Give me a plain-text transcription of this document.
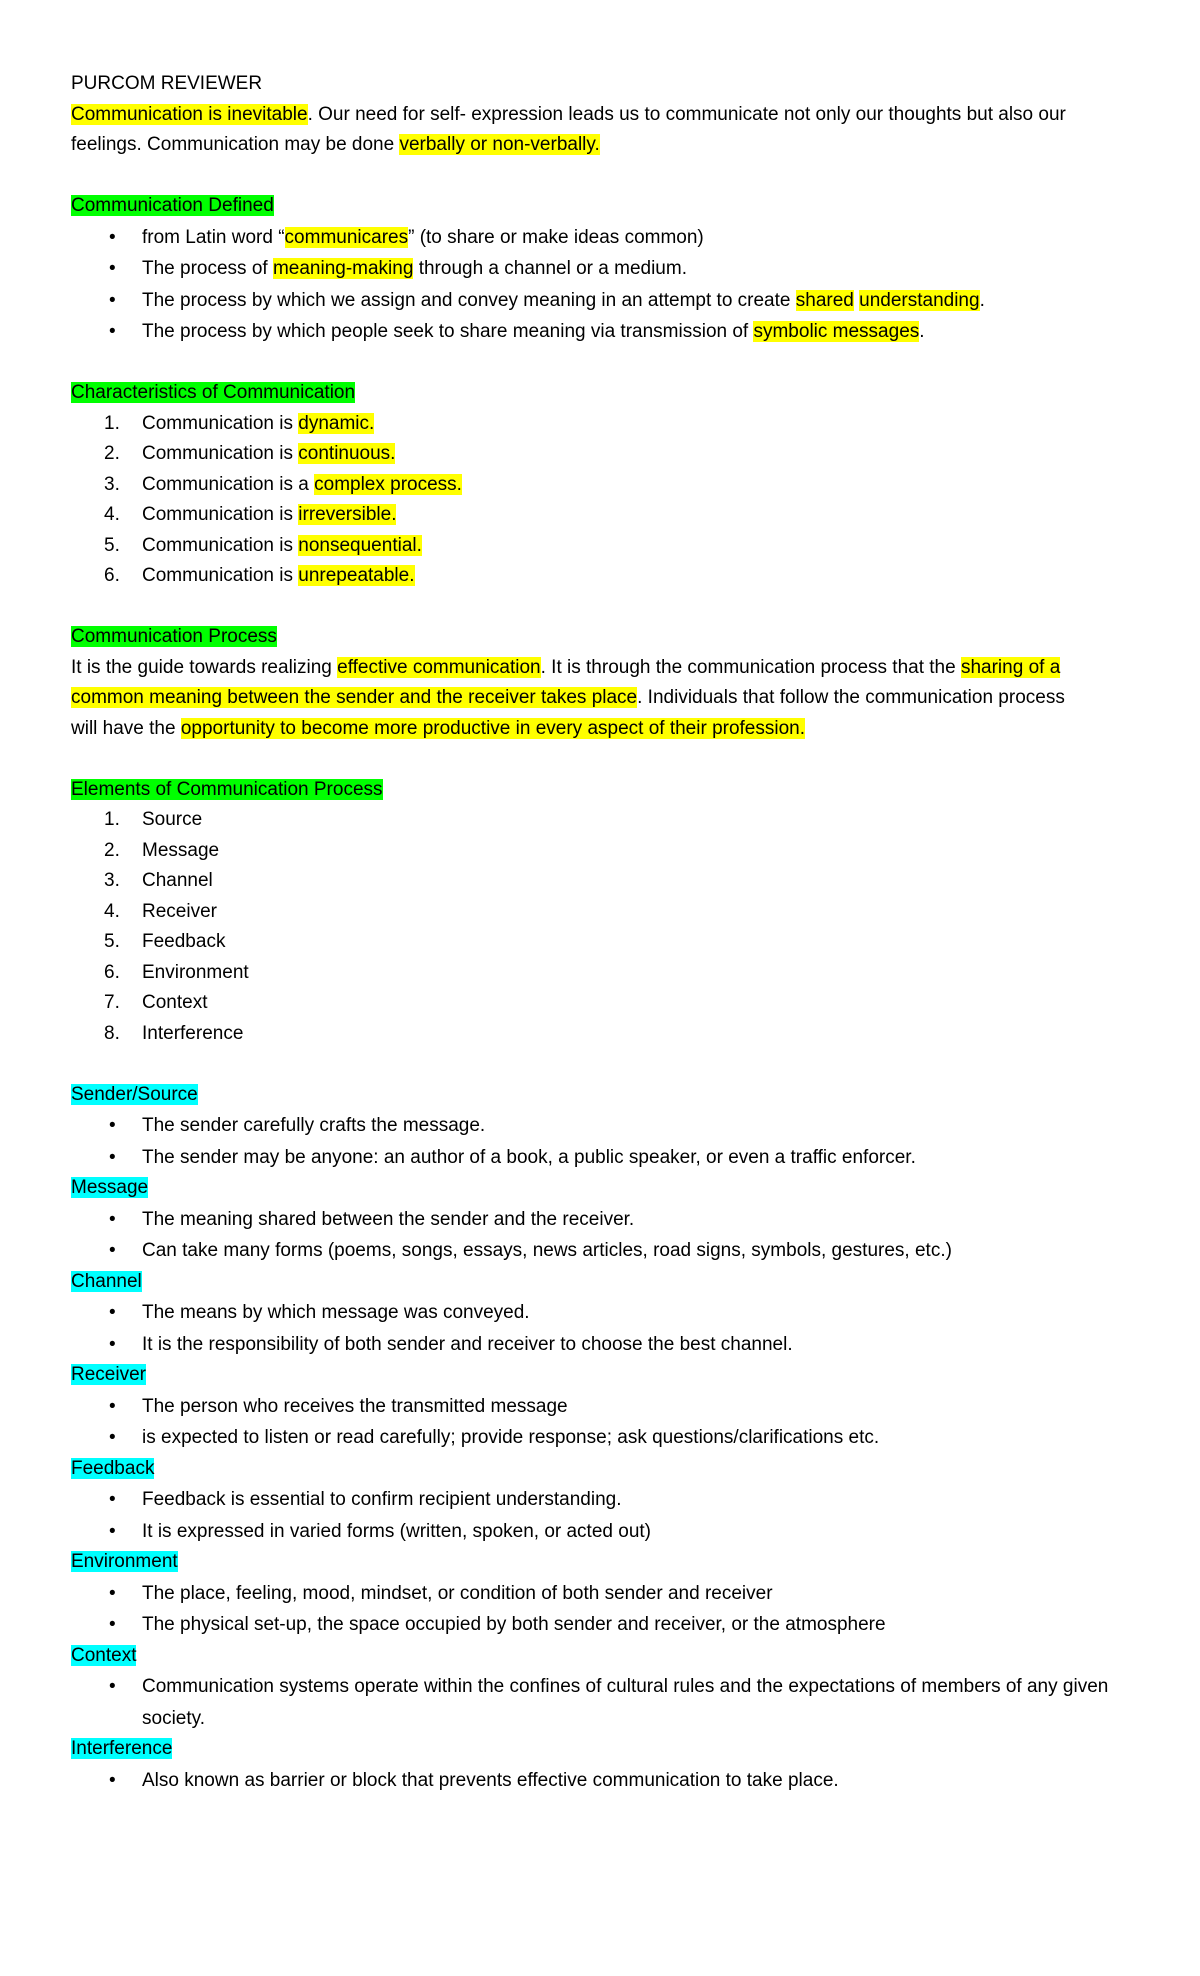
PURCOM REVIEWER

Communication is inevitable. Our need for self- expression leads us to communicate not only our thoughts but also our

feelings. Communication may be done verbally or non-verbally.

Communication Defined

• from Latin word “communicares” (to share or make ideas common)
• The process of meaning-making through a channel or a medium.
• The process by which we assign and convey meaning in an attempt to create shared understanding.
• The process by which people seek to share meaning via transmission of symbolic messages.

Characteristics of Communication

1. Communication is dynamic.
2. Communication is continuous.
3. Communication is a complex process.
4. Communication is irreversible.
5. Communication is nonsequential.
6. Communication is unrepeatable.

Communication Process

It is the guide towards realizing effective communication. It is through the communication process that the sharing of a

common meaning between the sender and the receiver takes place. Individuals that follow the communication process

will have the opportunity to become more productive in every aspect of their profession.

Elements of Communication Process

1. Source
2. Message
3. Channel
4. Receiver
5. Feedback
6. Environment
7. Context
8. Interference

Sender/Source

• The sender carefully crafts the message.
• The sender may be anyone: an author of a book, a public speaker, or even a traffic enforcer.

Message

• The meaning shared between the sender and the receiver.
• Can take many forms (poems, songs, essays, news articles, road signs, symbols, gestures, etc.)

Channel

• The means by which message was conveyed.
• It is the responsibility of both sender and receiver to choose the best channel.

Receiver

• The person who receives the transmitted message
• is expected to listen or read carefully; provide response; ask questions/clarifications etc.

Feedback

• Feedback is essential to confirm recipient understanding.
• It is expressed in varied forms (written, spoken, or acted out)

Environment

• The place, feeling, mood, mindset, or condition of both sender and receiver
• The physical set-up, the space occupied by both sender and receiver, or the atmosphere

Context

• Communication systems operate within the confines of cultural rules and the expectations of members of any given society.

Interference

• Also known as barrier or block that prevents effective communication to take place.
